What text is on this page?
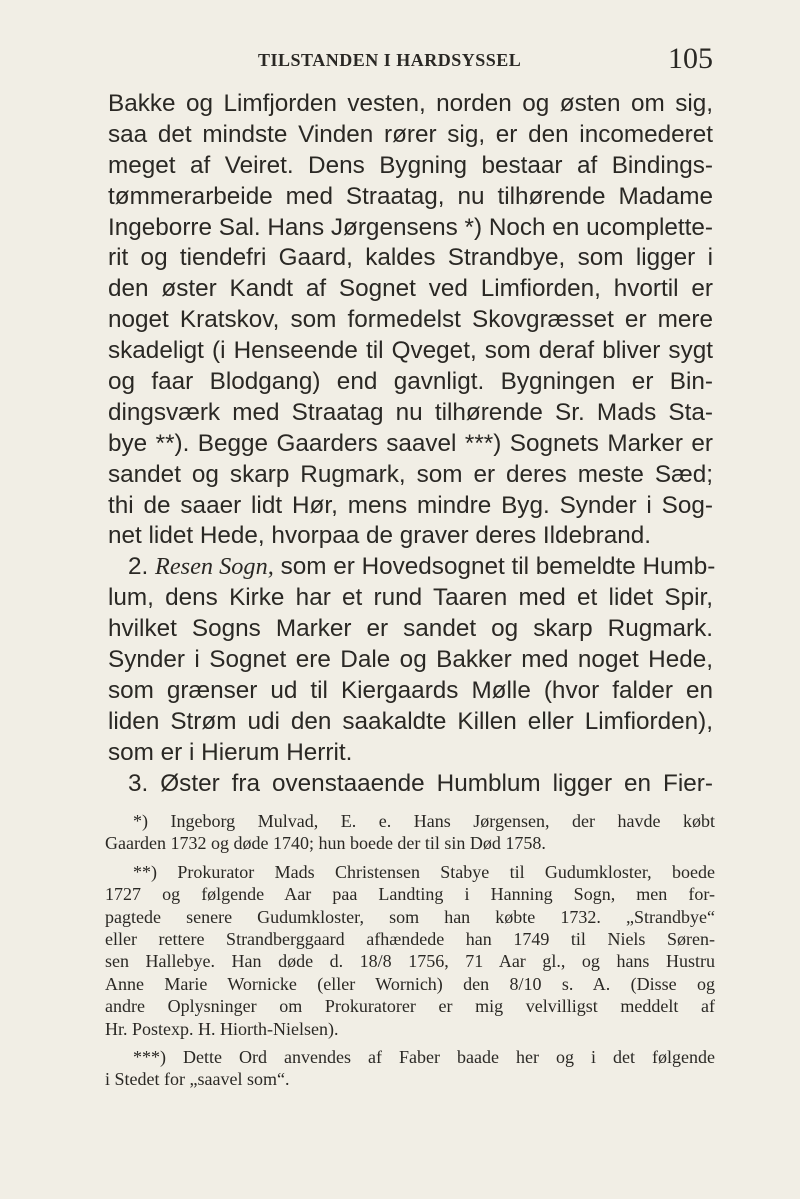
TILSTANDEN I HARDSYSSEL	105
Bakke og Limfjorden vesten, norden og østen om sig,
saa det mindste Vinden rører sig, er den incomederet
meget af Veiret. Dens Bygning bestaar af Bindings-
tømmerarbeide med Straatag, nu tilhørende Madame
Ingeborre Sal. Hans Jørgensens *) Noch en ucomplette-
rit og tiendefri Gaard, kaldes Strandbye, som ligger i
den øster Kandt af Sognet ved Limfiorden, hvortil er
noget Kratskov, som formedelst Skovgræsset er mere
skadeligt (i Henseende til Qveget, som deraf bliver sygt
og faar Blodgang) end gavnligt. Bygningen er Bin-
dingsværk med Straatag nu tilhørende Sr. Mads Sta-
bye **). Begge Gaarders saavel ***) Sognets Marker er
sandet og skarp Rugmark, som er deres meste Sæd;
thi de saaer lidt Hør, mens mindre Byg. Synder i Sog-
net lidet Hede, hvorpaa de graver deres Ildebrand.
2. Resen Sogn, som er Hovedsognet til bemeldte Humb-
lum, dens Kirke har et rund Taaren med et lidet Spir,
hvilket Sogns Marker er sandet og skarp Rugmark.
Synder i Sognet ere Dale og Bakker med noget Hede,
som grænser ud til Kiergaards Mølle (hvor falder en
liden Strøm udi den saakaldte Killen eller Limfiorden),
som er i Hierum Herrit.
3. Øster fra ovenstaaende Humblum ligger en Fier-
*) Ingeborg Mulvad, E. e. Hans Jørgensen, der havde købt
Gaarden 1732 og døde 1740; hun boede der til sin Død 1758.
**) Prokurator Mads Christensen Stabye til Gudumkloster, boede
1727 og følgende Aar paa Landting i Hanning Sogn, men for-
pagtede senere Gudumkloster, som han købte 1732. „Strandbye“
eller rettere Strandberggaard afhændede han 1749 til Niels Søren-
sen Hallebye. Han døde d. 18/8 1756, 71 Aar gl., og hans Hustru
Anne Marie Wornicke (eller Wornich) den 8/10 s. A. (Disse og
andre Oplysninger om Prokuratorer er mig velvilligst meddelt af
Hr. Postexp. H. Hiorth-Nielsen).
***) Dette Ord anvendes af Faber baade her og i det følgende
i Stedet for „saavel som“.
